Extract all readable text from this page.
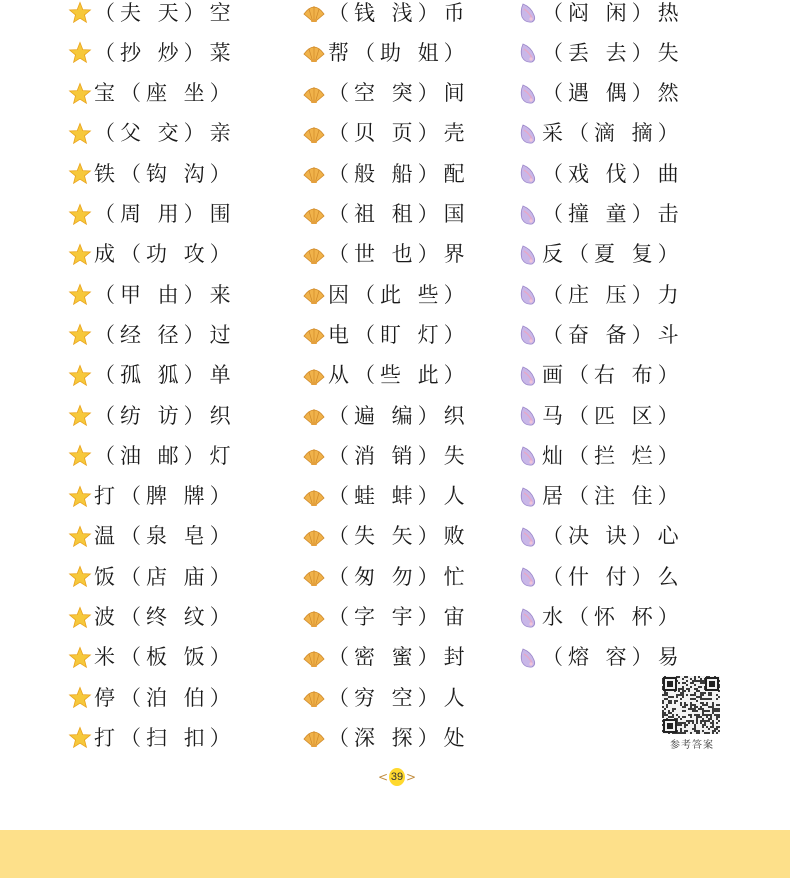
（夫 天）空
（抄 炒）菜
宝（座 坐）
（父 交）亲
铁（钩 沟）
（周 用）围
成（功 攻）
（甲 由）来
（经 径）过
（孤 狐）单
（纺 访）织
（油 邮）灯
打（脾 牌）
温（泉 皂）
饭（店 庙）
波（终 纹）
米（板 饭）
停（泊 伯）
打（扫 扣）
（钱 浅）币
帮（助 姐）
（空 突）间
（贝 页）壳
（般 船）配
（祖 租）国
（世 也）界
因（此 些）
电（盯 灯）
从（些 此）
（遍 编）织
（消 销）失
（蛙 蚌）人
（失 矢）败
（匆 勿）忙
（字 宇）宙
（密 蜜）封
（穷 空）人
（深 探）处
（闷 闲）热
（丢 去）失
（遇 偶）然
采（滴 摘）
（戏 伐）曲
（撞 童）击
反（夏 复）
（庄 压）力
（奋 备）斗
画（右 布）
马（匹 区）
灿（拦 烂）
居（注 住）
（决 诀）心
（什 付）么
水（怀 杯）
（熔 容）易
参考答案
< 39 >
